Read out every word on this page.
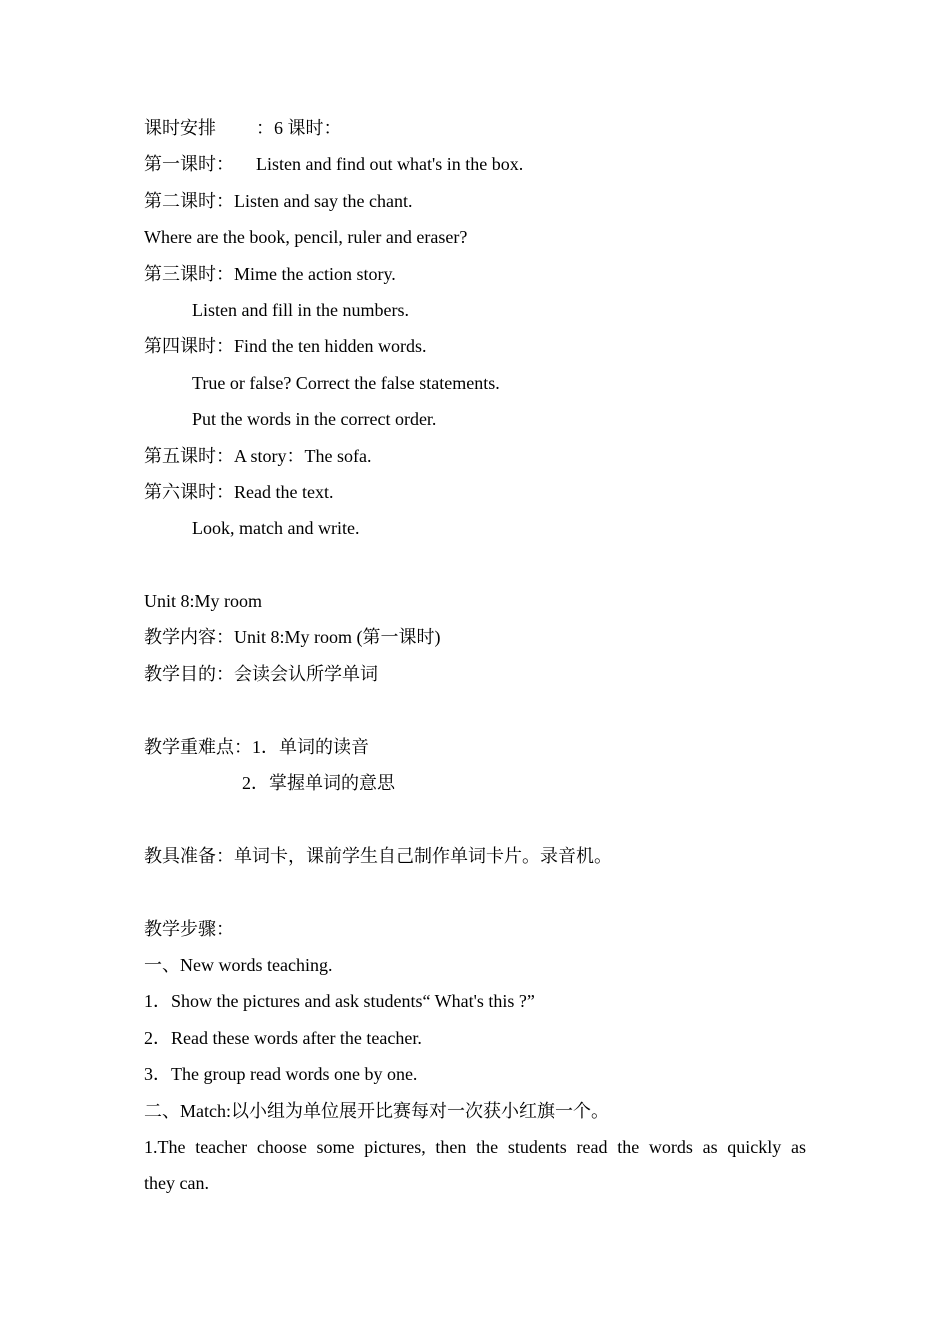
课时安排 ：6 课时：
第一课时： Listen and find out what's in the box.
第二课时：Listen and say the chant.
Where are the book, pencil, ruler and eraser?
第三课时：Mime the action story.
Listen and fill in the numbers.
第四课时：Find the ten hidden words.
True or false? Correct the false statements.
Put the words in the correct order.
第五课时：A story：The sofa.
第六课时：Read the text.
Look, match and write.
Unit 8:My room
教学内容：Unit 8:My room (第一课时)
教学目的：会读会认所学单词
教学重难点：1．单词的读音
2．掌握单词的意思
教具准备：单词卡，课前学生自己制作单词卡片。录音机。
教学步骤：
一、New words teaching.
1．Show the pictures and ask students“ What's this ?”
2．Read these words after the teacher.
3．The group read words one by one.
二、Match:以小组为单位展开比赛每对一次获小红旗一个。
1.The teacher choose some pictures, then the students read the words as quickly as
they can.
